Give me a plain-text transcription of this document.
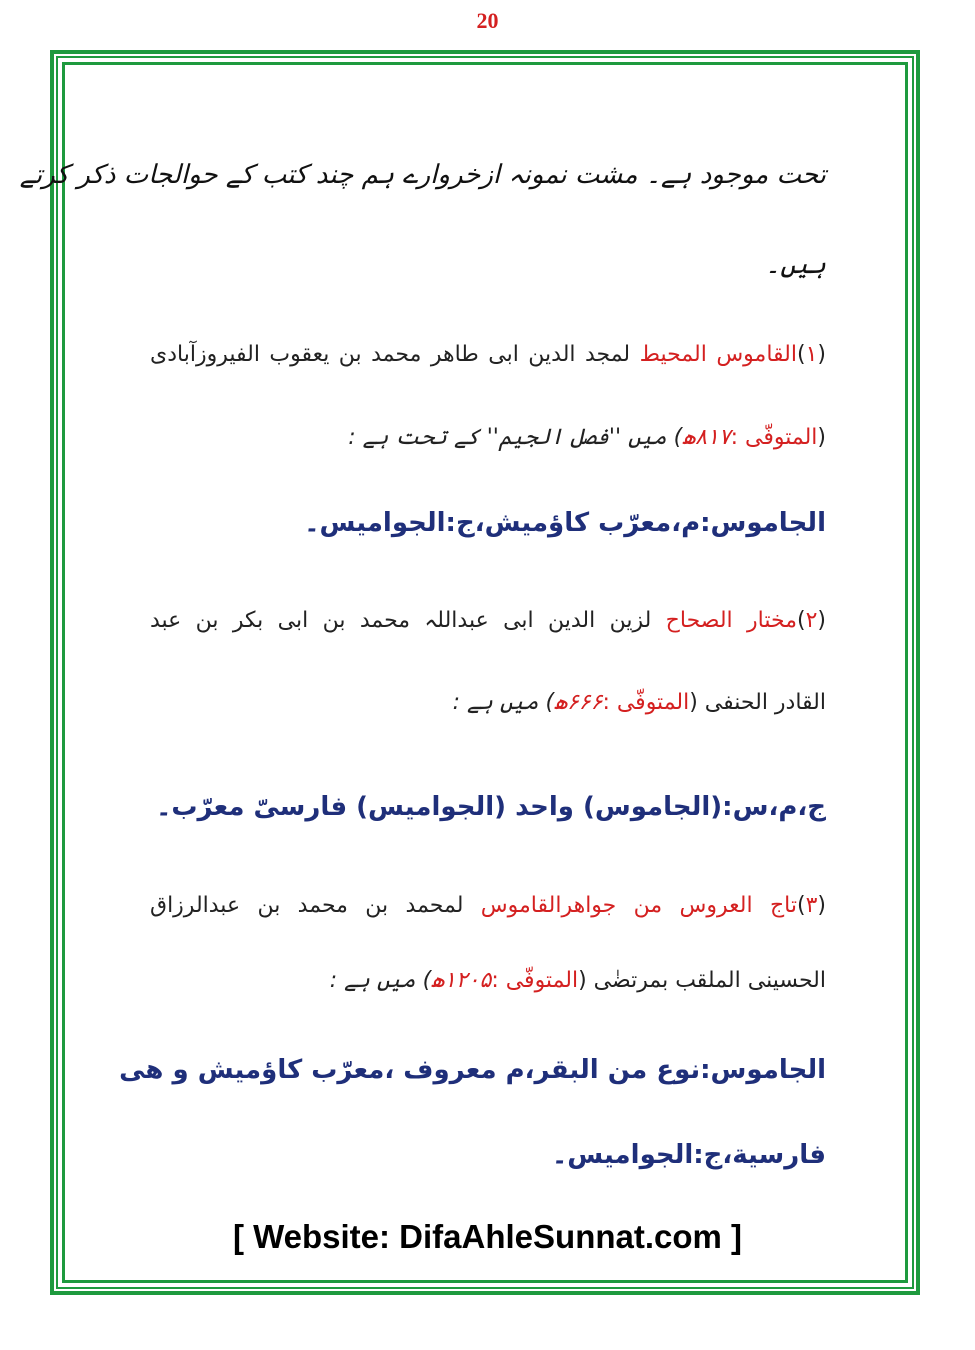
20
تحت موجود ہے۔ مشت نمونہ ازخروارے ہم چند کتب کے حوالجات ذکر کرتے
ہیں۔
(۱)القاموس المحیط لمجد الدین ابی طاھر محمد بن یعقوب الفیروزآبادی
(المتوفّی :۸۱۷ھ) میں ''فصل الجیم'' کے تحت ہے :
الجاموس:م،معرّب کاؤمیش،ج:الجوامیس۔
(۲)مختار الصحاح لزین الدین ابی عبداللہ محمد بن ابی بکر بن عبد
القادر الحنفی (المتوفّی :۶۶۶ھ) میں ہے :
ج،م،س:(الجاموس) واحد (الجوامیس) فارسیّ معرّب۔
(۳)تاج العروس من جواھرالقاموس لمحمد بن محمد بن عبدالرزاق
الحسینی الملقب بمرتضٰی (المتوفّی :۱۲۰۵ھ) میں ہے :
الجاموس:نوع من البقر،م معروف ،معرّب کاؤمیش و ھی
فارسیة،ج:الجوامیس۔
[ Website: DifaAhleSunnat.com ]
